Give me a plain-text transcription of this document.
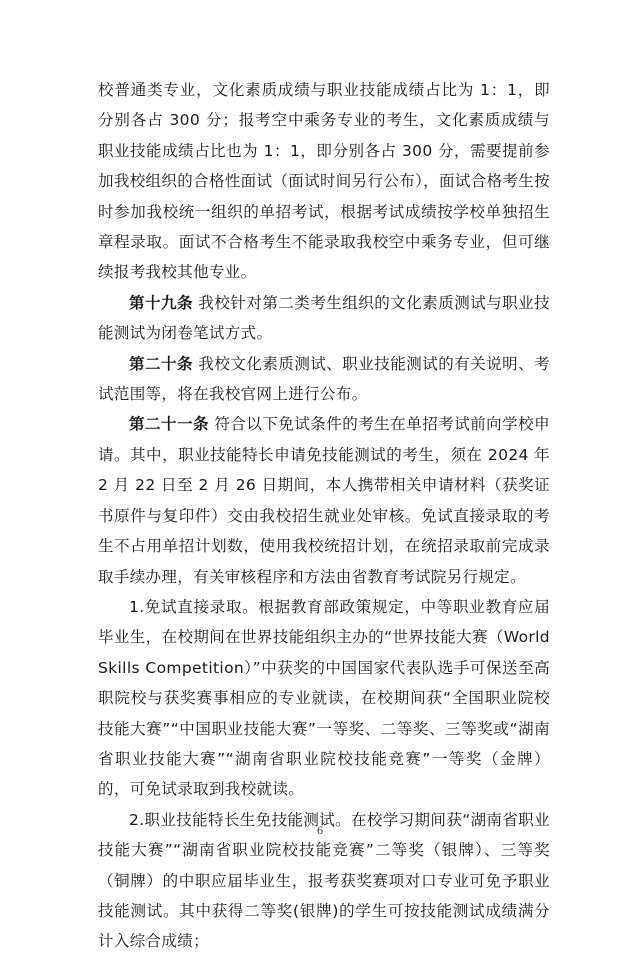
校普通类专业，文化素质成绩与职业技能成绩占比为 1：1，即分别各占 300 分；报考空中乘务专业的考生，文化素质成绩与职业技能成绩占比也为 1：1，即分别各占 300 分，需要提前参加我校组织的合格性面试（面试时间另行公布），面试合格考生按时参加我校统一组织的单招考试，根据考试成绩按学校单独招生章程录取。面试不合格考生不能录取我校空中乘务专业，但可继续报考我校其他专业。

第十九条 我校针对第二类考生组织的文化素质测试与职业技能测试为闭卷笔试方式。

第二十条 我校文化素质测试、职业技能测试的有关说明、考试范围等，将在我校官网上进行公布。

第二十一条 符合以下免试条件的考生在单招考试前向学校申请。其中，职业技能特长申请免技能测试的考生，须在 2024 年 2 月 22 日至 2 月 26 日期间，本人携带相关申请材料（获奖证书原件与复印件）交由我校招生就业处审核。免试直接录取的考生不占用单招计划数，使用我校统招计划，在统招录取前完成录取手续办理，有关审核程序和方法由省教育考试院另行规定。

1.免试直接录取。根据教育部政策规定，中等职业教育应届毕业生，在校期间在世界技能组织主办的“世界技能大赛（World Skills Competition）”中获奖的中国国家代表队选手可保送至高职院校与获奖赛事相应的专业就读，在校期间获“全国职业院校技能大赛”“中国职业技能大赛”一等奖、二等奖、三等奖或“湖南省职业技能大赛”“湖南省职业院校技能竞赛”一等奖（金牌）的，可免试录取到我校就读。

2.职业技能特长生免技能测试。在校学习期间获“湖南省职业技能大赛”“湖南省职业院校技能竞赛”二等奖（银牌）、三等奖（铜牌）的中职应届毕业生，报考获奖赛项对口专业可免予职业技能测试。其中获得二等奖(银牌)的学生可按技能测试成绩满分计入综合成绩；

6
